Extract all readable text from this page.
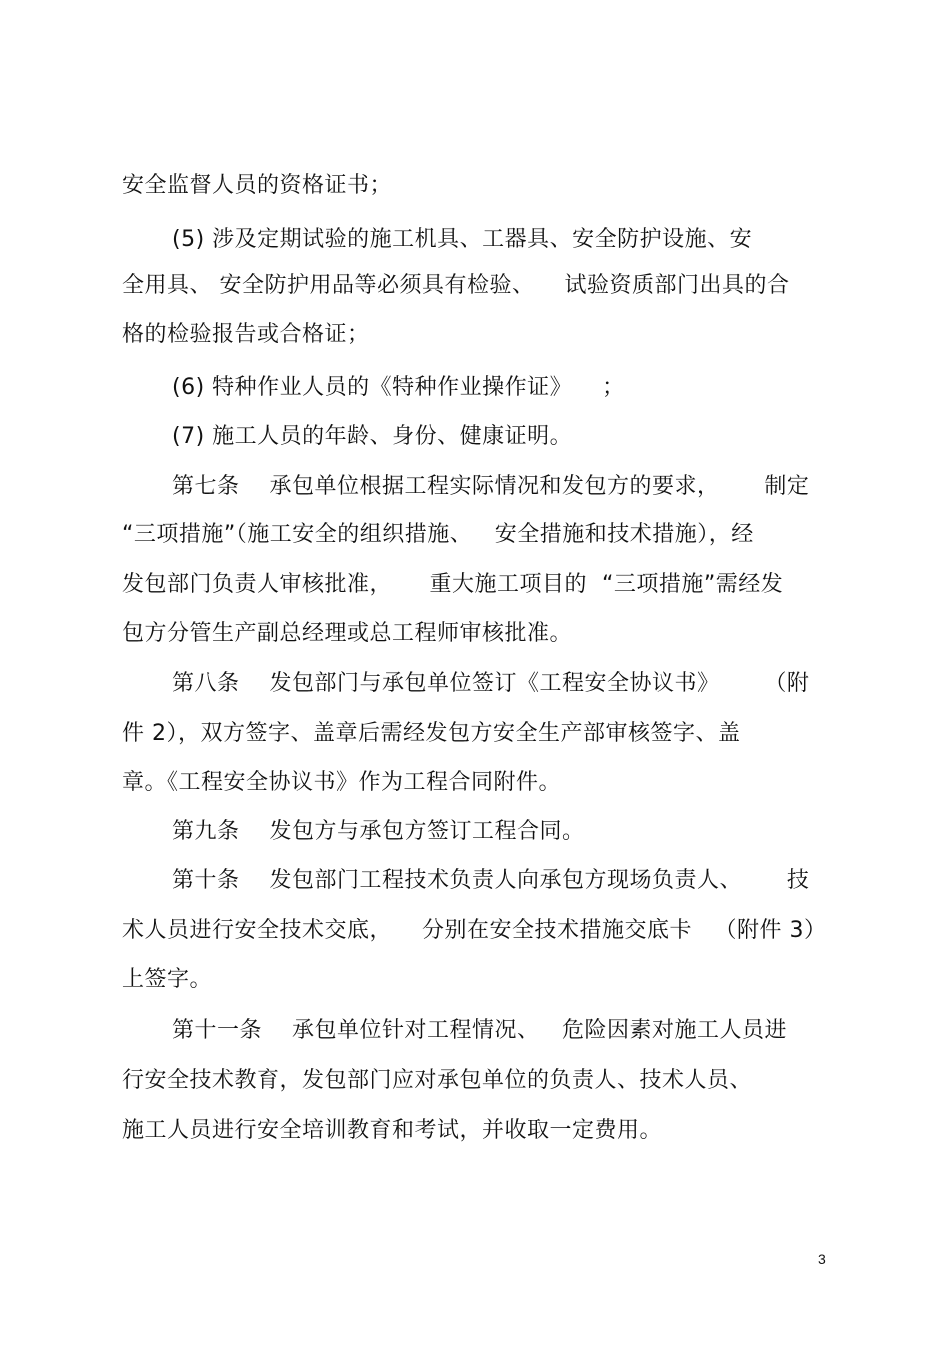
安全监督人员的资格证书；
(5) 涉及定期试验的施工机具、工器具、安全防护设施、安
全用具、 安全防护用品等必须具有检验、    试验资质部门出具的合
格的检验报告或合格证；
(6) 特种作业人员的《特种作业操作证》    ；
(7) 施工人员的年龄、身份、健康证明。
第七条    承包单位根据工程实际情况和发包方的要求，      制定
“三项措施”（施工安全的组织措施、   安全措施和技术措施），经
发包部门负责人审核批准，     重大施工项目的  “三项措施”需经发
包方分管生产副总经理或总工程师审核批准。
第八条    发包部门与承包单位签订《工程安全协议书》      （附
件 2），双方签字、盖章后需经发包方安全生产部审核签字、盖
章。《工程安全协议书》作为工程合同附件。
第九条    发包方与承包方签订工程合同。
第十条    发包部门工程技术负责人向承包方现场负责人、      技
术人员进行安全技术交底，    分别在安全技术措施交底卡   （附件 3）
上签字。
第十一条    承包单位针对工程情况、   危险因素对施工人员进
行安全技术教育，发包部门应对承包单位的负责人、技术人员、
施工人员进行安全培训教育和考试，并收取一定费用。
3
